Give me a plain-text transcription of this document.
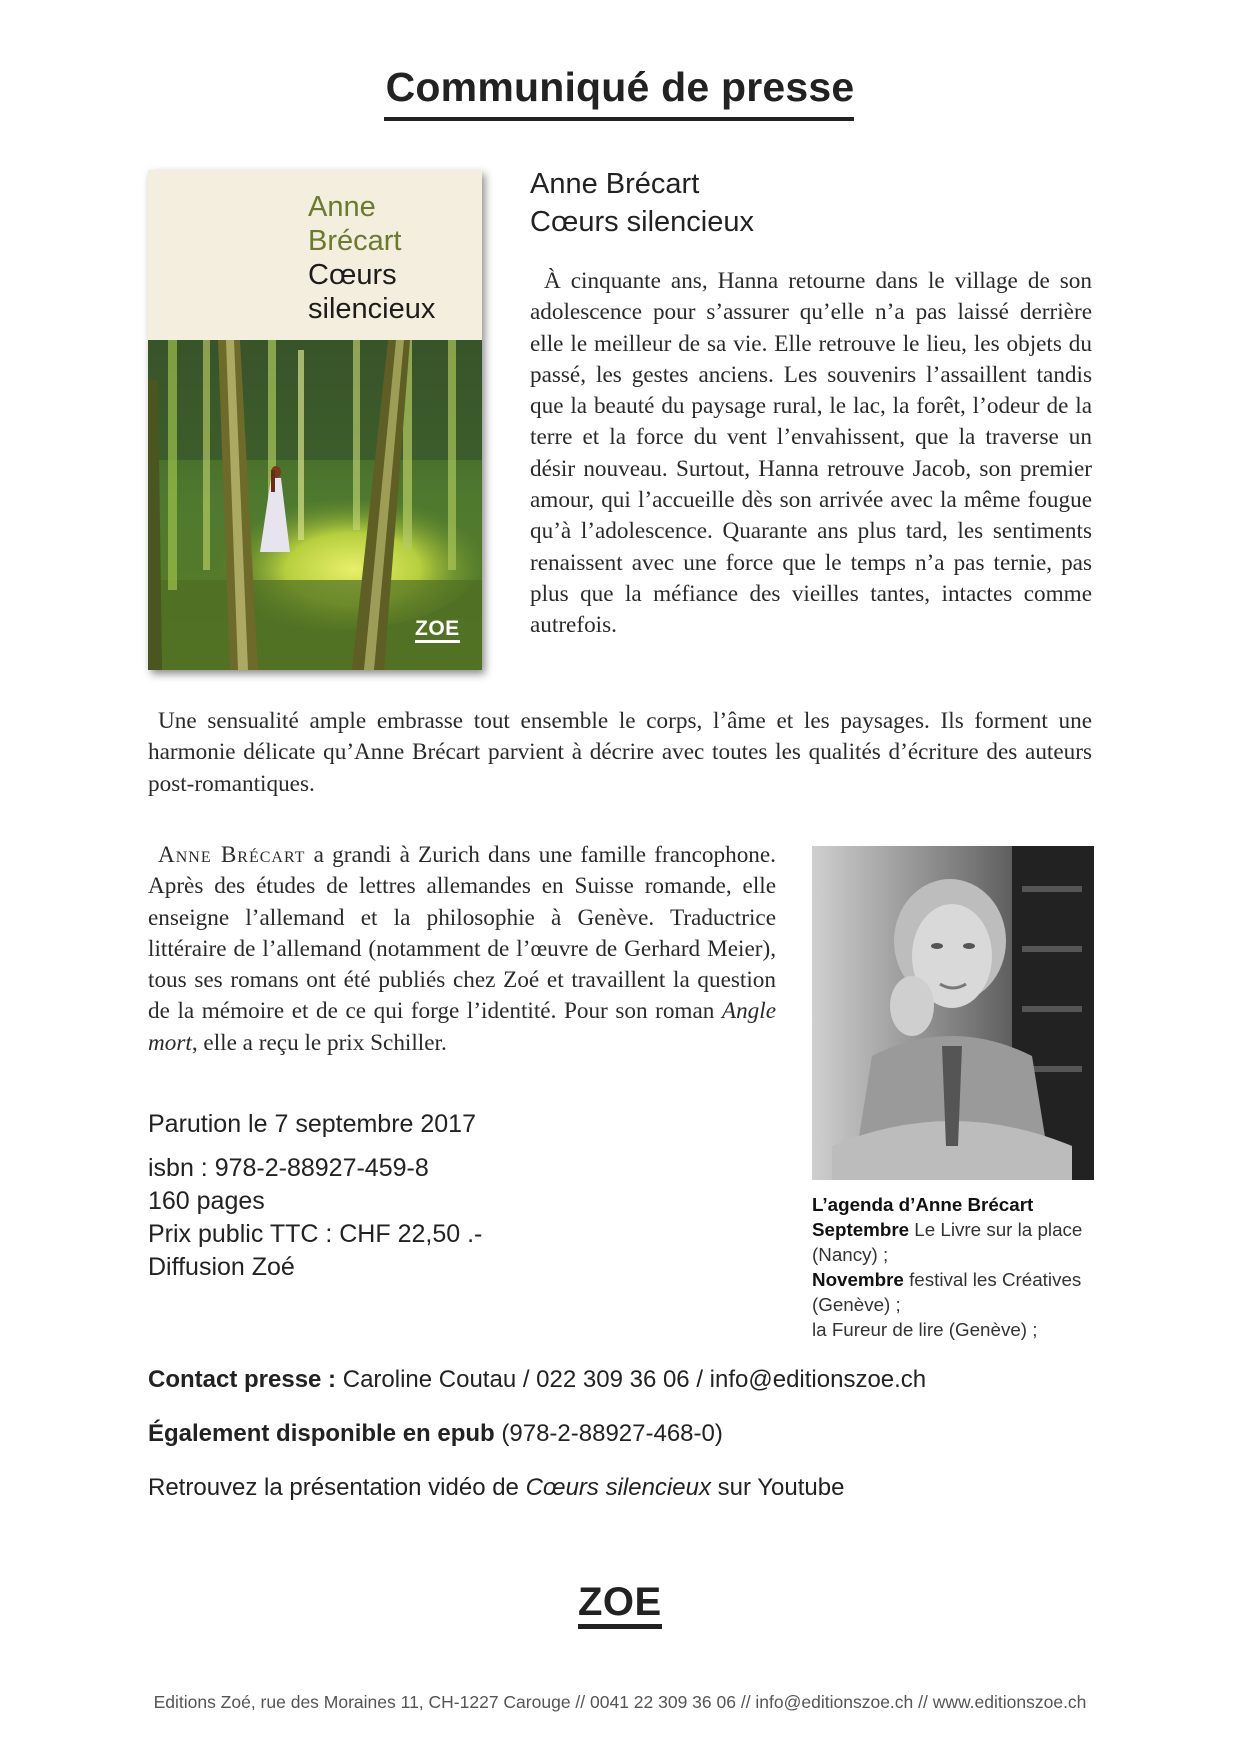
Communiqué de presse
Anne
Brécart
Cœurs
silencieux
ZOE
Anne Brécart
Cœurs silencieux
À cinquante ans, Hanna retourne dans le village de son adolescence pour s’assurer qu’elle n’a pas laissé derrière elle le meilleur de sa vie. Elle retrouve le lieu, les objets du passé, les gestes anciens. Les souvenirs l’assaillent tandis que la beauté du paysage rural, le lac, la forêt, l’odeur de la terre et la force du vent l’envahissent, que la traverse un désir nouveau. Surtout, Hanna retrouve Jacob, son premier amour, qui l’accueille dès son arrivée avec la même fougue qu’à l’adolescence. Quarante ans plus tard, les sentiments renaissent avec une force que le temps n’a pas ternie, pas plus que la méfiance des vieilles tantes, intactes comme autrefois.
Une sensualité ample embrasse tout ensemble le corps, l’âme et les paysages. Ils forment une harmonie délicate qu’Anne Brécart parvient à décrire avec toutes les qualités d’écriture des auteurs post-romantiques.
Anne Brécart a grandi à Zurich dans une famille francophone. Après des études de lettres allemandes en Suisse romande, elle enseigne l’allemand et la philosophie à Genève. Traductrice littéraire de l’allemand (notamment de l’œuvre de Gerhard Meier), tous ses romans ont été publiés chez Zoé et travaillent la question de la mémoire et de ce qui forge l’identité. Pour son roman Angle mort, elle a reçu le prix Schiller.
Parution le 7 septembre 2017
isbn : 978-2-88927-459-8
160 pages
Prix public TTC : CHF 22,50 .-
Diffusion Zoé
L’agenda d’Anne Brécart
Septembre Le Livre sur la place (Nancy) ;
Novembre festival les Créatives (Genève) ;
la Fureur de lire (Genève) ;
Contact presse : Caroline Coutau / 022 309 36 06 / info@editionszoe.ch
Également disponible en epub (978-2-88927-468-0)
Retrouvez la présentation vidéo de Cœurs silencieux sur Youtube
ZOE
Editions Zoé, rue des Moraines 11, CH-1227 Carouge // 0041 22 309 36 06 // info@editionszoe.ch // www.editionszoe.ch
